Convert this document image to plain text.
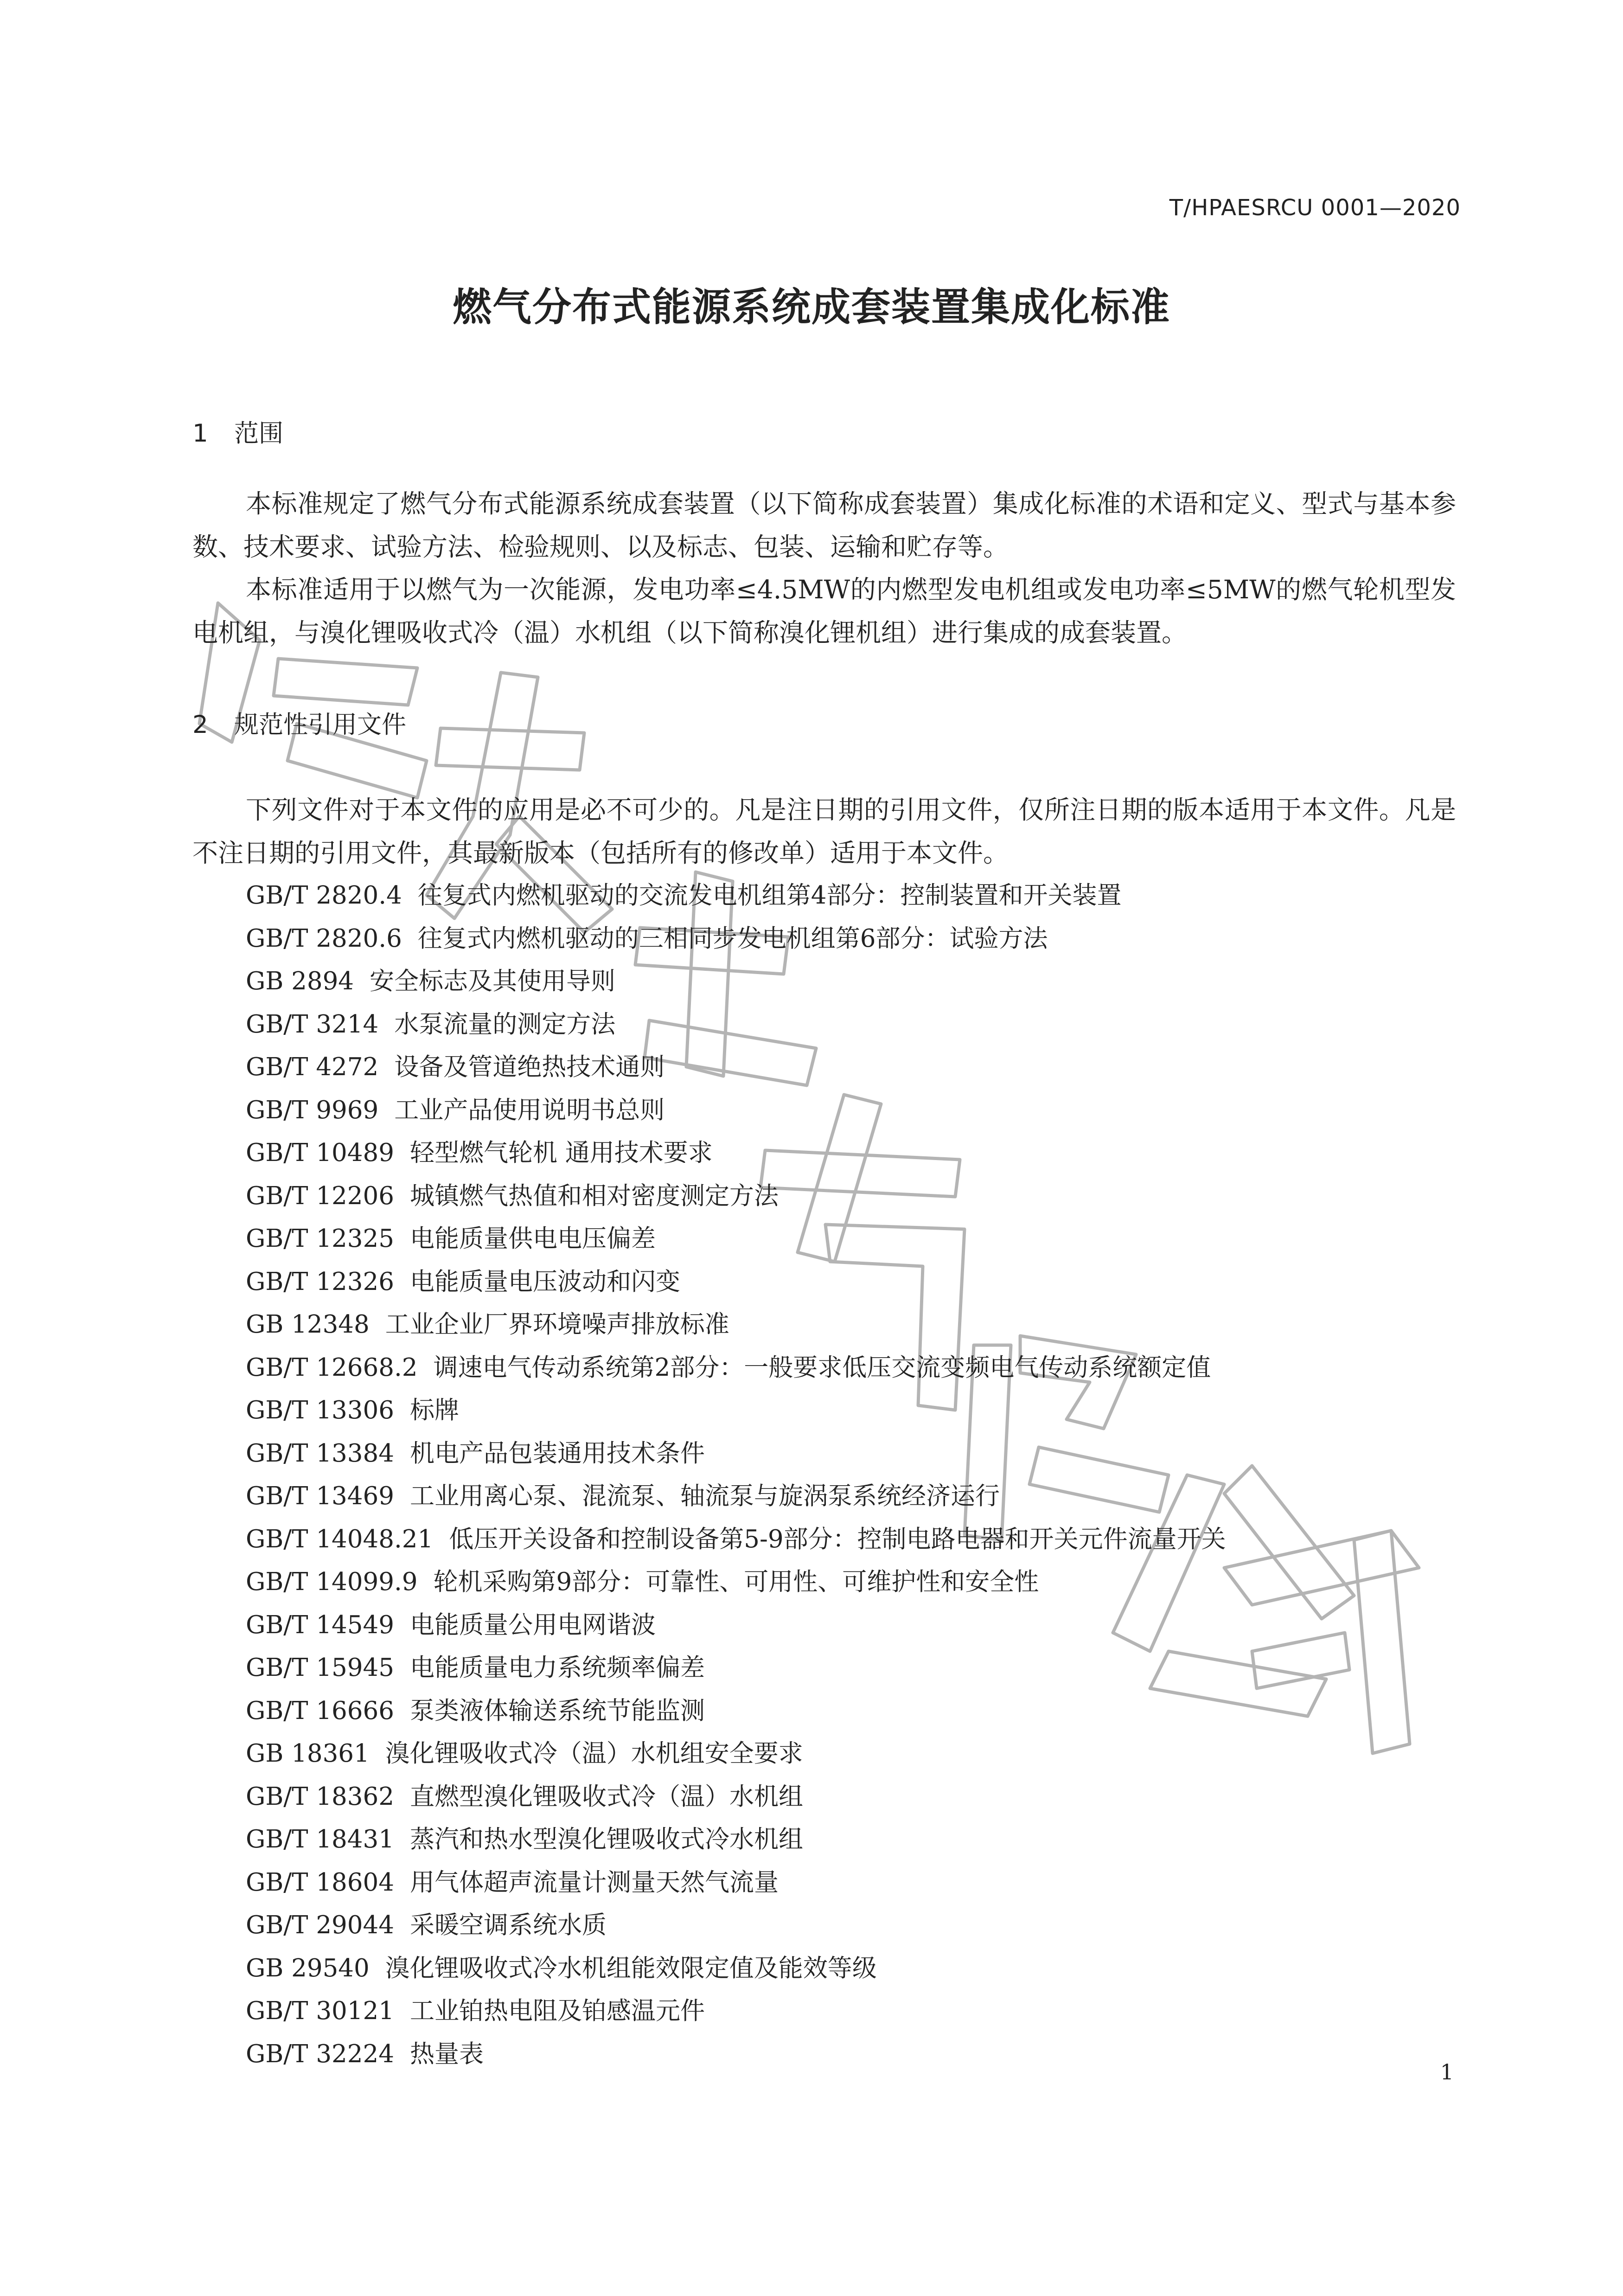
T/HPAESRCU 0001—2020
燃气分布式能源系统成套装置集成化标准
1 范围

本标准规定了燃气分布式能源系统成套装置（以下简称成套装置）集成化标准的术语和定义、型式与基本参数、技术要求、试验方法、检验规则、以及标志、包装、运输和贮存等。

本标准适用于以燃气为一次能源，发电功率≤4.5MW的内燃型发电机组或发电功率≤5MW的燃气轮机型发电机组，与溴化锂吸收式冷（温）水机组（以下简称溴化锂机组）进行集成的成套装置。

2 规范性引用文件

下列文件对于本文件的应用是必不可少的。凡是注日期的引用文件，仅所注日期的版本适用于本文件。凡是不注日期的引用文件，其最新版本（包括所有的修改单）适用于本文件。

GB/T 2820.4 往复式内燃机驱动的交流发电机组第4部分：控制装置和开关装置
GB/T 2820.6 往复式内燃机驱动的三相同步发电机组第6部分：试验方法
GB 2894 安全标志及其使用导则
GB/T 3214 水泵流量的测定方法
GB/T 4272 设备及管道绝热技术通则
GB/T 9969 工业产品使用说明书总则
GB/T 10489 轻型燃气轮机 通用技术要求
GB/T 12206 城镇燃气热值和相对密度测定方法
GB/T 12325 电能质量供电电压偏差
GB/T 12326 电能质量电压波动和闪变
GB 12348 工业企业厂界环境噪声排放标准
GB/T 12668.2 调速电气传动系统第2部分：一般要求低压交流变频电气传动系统额定值
GB/T 13306 标牌
GB/T 13384 机电产品包装通用技术条件
GB/T 13469 工业用离心泵、混流泵、轴流泵与旋涡泵系统经济运行
GB/T 14048.21 低压开关设备和控制设备第5-9部分：控制电路电器和开关元件流量开关
GB/T 14099.9 轮机采购第9部分：可靠性、可用性、可维护性和安全性
GB/T 14549 电能质量公用电网谐波
GB/T 15945 电能质量电力系统频率偏差
GB/T 16666 泵类液体输送系统节能监测
GB 18361 溴化锂吸收式冷（温）水机组安全要求
GB/T 18362 直燃型溴化锂吸收式冷（温）水机组
GB/T 18431 蒸汽和热水型溴化锂吸收式冷水机组
GB/T 18604 用气体超声流量计测量天然气流量
GB/T 29044 采暖空调系统水质
GB 29540 溴化锂吸收式冷水机组能效限定值及能效等级
GB/T 30121 工业铂热电阻及铂感温元件
GB/T 32224 热量表
1
